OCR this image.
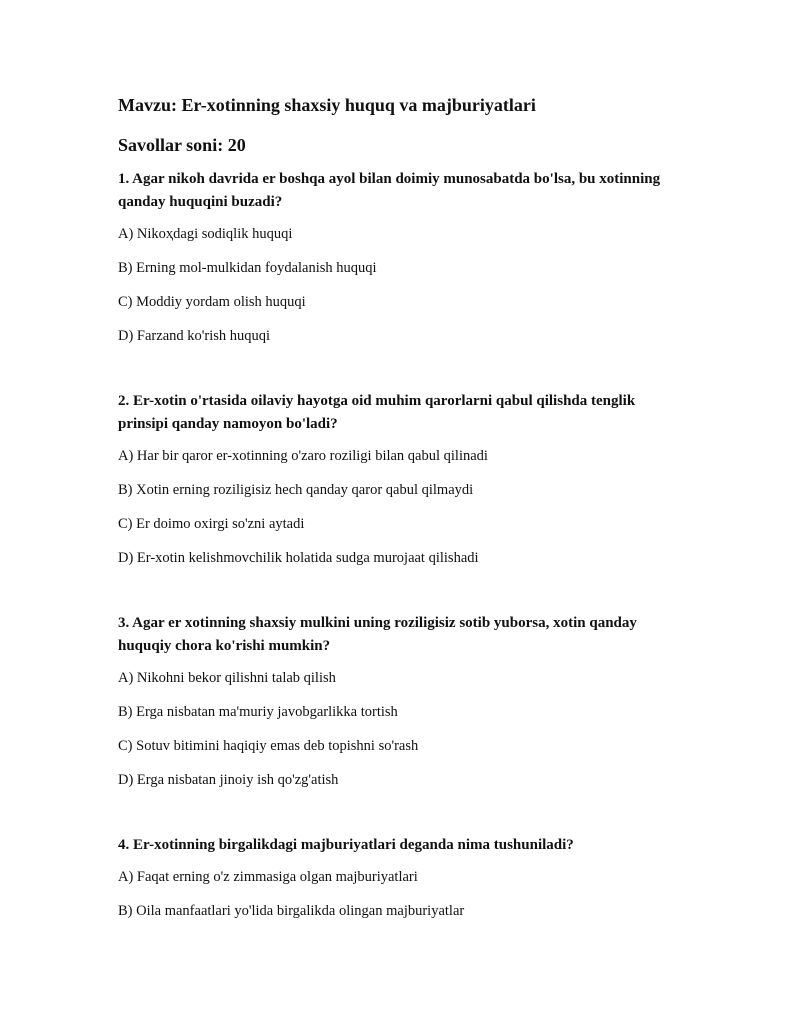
Mavzu: Er-xotinning shaxsiy huquq va majburiyatlari
Savollar soni: 20
1. Agar nikoh davrida er boshqa ayol bilan doimiy munosabatda bo'lsa, bu xotinning qanday huquqini buzadi?
A) Nikoҳdagi sodiqlik huquqi
B) Erning mol-mulkidan foydalanish huquqi
C) Moddiy yordam olish huquqi
D) Farzand ko'rish huquqi
2. Er-xotin o'rtasida oilaviy hayotga oid muhim qarorlarni qabul qilishda tenglik prinsipi qanday namoyon bo'ladi?
A) Har bir qaror er-xotinning o'zaro roziligi bilan qabul qilinadi
B) Xotin erning roziligisiz hech qanday qaror qabul qilmaydi
C) Er doimo oxirgi so'zni aytadi
D) Er-xotin kelishmovchilik holatida sudga murojaat qilishadi
3. Agar er xotinning shaxsiy mulkini uning roziligisiz sotib yuborsa, xotin qanday huquqiy chora ko'rishi mumkin?
A) Nikohni bekor qilishni talab qilish
B) Erga nisbatan ma'muriy javobgarlikka tortish
C) Sotuv bitimini haqiqiy emas deb topishni so'rash
D) Erga nisbatan jinoiy ish qo'zg'atish
4. Er-xotinning birgalikdagi majburiyatlari deganda nima tushuniladi?
A) Faqat erning o'z zimmasiga olgan majburiyatlari
B) Oila manfaatlari yo'lida birgalikda olingan majburiyatlar
